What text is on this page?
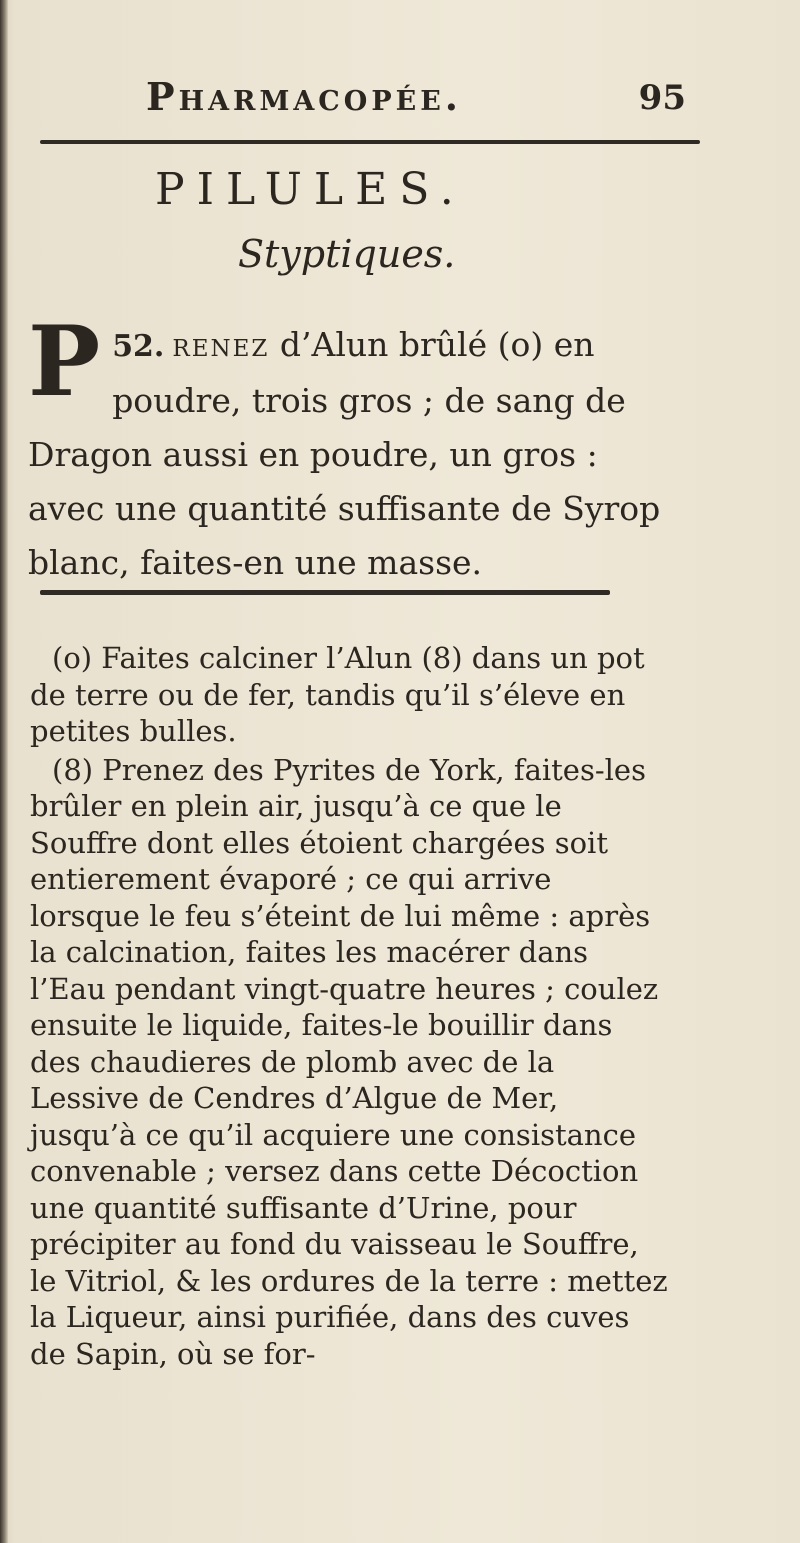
Pharmacopée.	95
PILULES.
Styptiques.
52.
P renez d’Alun brûlé (o) en poudre, trois gros ; de sang de Dragon aussi en poudre, un gros : avec une quantité suffisante de Syrop blanc, faites-en une masse.

(o) Faites calciner l’Alun (8) dans un pot de terre ou de fer, tandis qu’il s’éleve en petites bulles.

(8) Prenez des Pyrites de York, faites-les brûler en plein air, jusqu’à ce que le Souffre dont elles étoient chargées soit entierement évaporé ; ce qui arrive lorsque le feu s’éteint de lui même : après la calcination, faites les macérer dans l’Eau pendant vingt-quatre heures ; coulez ensuite le liquide, faites-le bouillir dans des chaudieres de plomb avec de la Lessive de Cendres d’Algue de Mer, jusqu’à ce qu’il acquiere une consistance convenable ; versez dans cette Décoction une quantité suffisante d’Urine, pour précipiter au fond du vaisseau le Souffre, le Vitriol, & les ordures de la terre : mettez la Liqueur, ainsi purifiée, dans des cuves de Sapin, où se for-
